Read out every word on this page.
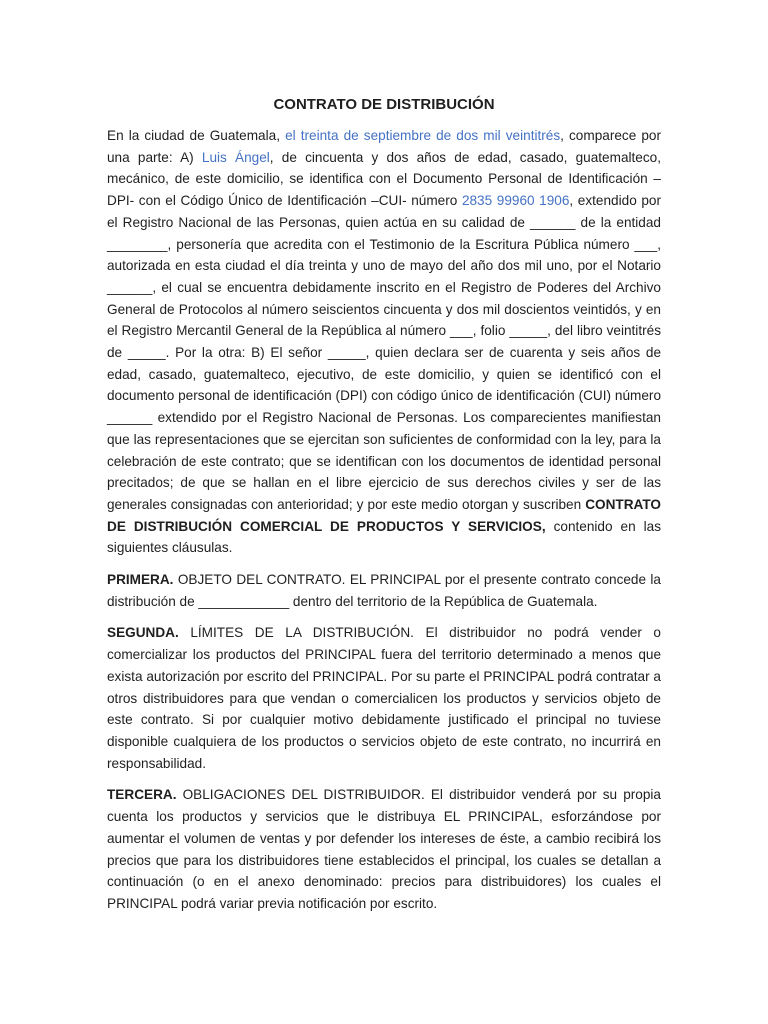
CONTRATO DE DISTRIBUCIÓN

En la ciudad de Guatemala, el treinta de septiembre de dos mil veintitrés, comparece por una parte: A) Luis Ángel, de cincuenta y dos años de edad, casado, guatemalteco, mecánico, de este domicilio, se identifica con el Documento Personal de Identificación –DPI- con el Código Único de Identificación –CUI- número 2835 99960 1906, extendido por el Registro Nacional de las Personas, quien actúa en su calidad de ______ de la entidad ________, personería que acredita con el Testimonio de la Escritura Pública número ___, autorizada en esta ciudad el día treinta y uno de mayo del año dos mil uno, por el Notario ______, el cual se encuentra debidamente inscrito en el Registro de Poderes del Archivo General de Protocolos al número seiscientos cincuenta y dos mil doscientos veintidós, y en el Registro Mercantil General de la República al número ___, folio _____, del libro veintitrés de _____. Por la otra: B) El señor _____, quien declara ser de cuarenta y seis años de edad, casado, guatemalteco, ejecutivo, de este domicilio, y quien se identificó con el documento personal de identificación (DPI) con código único de identificación (CUI) número ______ extendido por el Registro Nacional de Personas. Los comparecientes manifiestan que las representaciones que se ejercitan son suficientes de conformidad con la ley, para la celebración de este contrato; que se identifican con los documentos de identidad personal precitados; de que se hallan en el libre ejercicio de sus derechos civiles y ser de las generales consignadas con anterioridad; y por este medio otorgan y suscriben CONTRATO DE DISTRIBUCIÓN COMERCIAL DE PRODUCTOS Y SERVICIOS, contenido en las siguientes cláusulas.

PRIMERA. OBJETO DEL CONTRATO. EL PRINCIPAL por el presente contrato concede la distribución de ____________ dentro del territorio de la República de Guatemala.

SEGUNDA. LÍMITES DE LA DISTRIBUCIÓN. El distribuidor no podrá vender o comercializar los productos del PRINCIPAL fuera del territorio determinado a menos que exista autorización por escrito del PRINCIPAL. Por su parte el PRINCIPAL podrá contratar a otros distribuidores para que vendan o comercialicen los productos y servicios objeto de este contrato. Si por cualquier motivo debidamente justificado el principal no tuviese disponible cualquiera de los productos o servicios objeto de este contrato, no incurrirá en responsabilidad.

TERCERA. OBLIGACIONES DEL DISTRIBUIDOR. El distribuidor venderá por su propia cuenta los productos y servicios que le distribuya EL PRINCIPAL, esforzándose por aumentar el volumen de ventas y por defender los intereses de éste, a cambio recibirá los precios que para los distribuidores tiene establecidos el principal, los cuales se detallan a continuación (o en el anexo denominado: precios para distribuidores) los cuales el PRINCIPAL podrá variar previa notificación por escrito.
